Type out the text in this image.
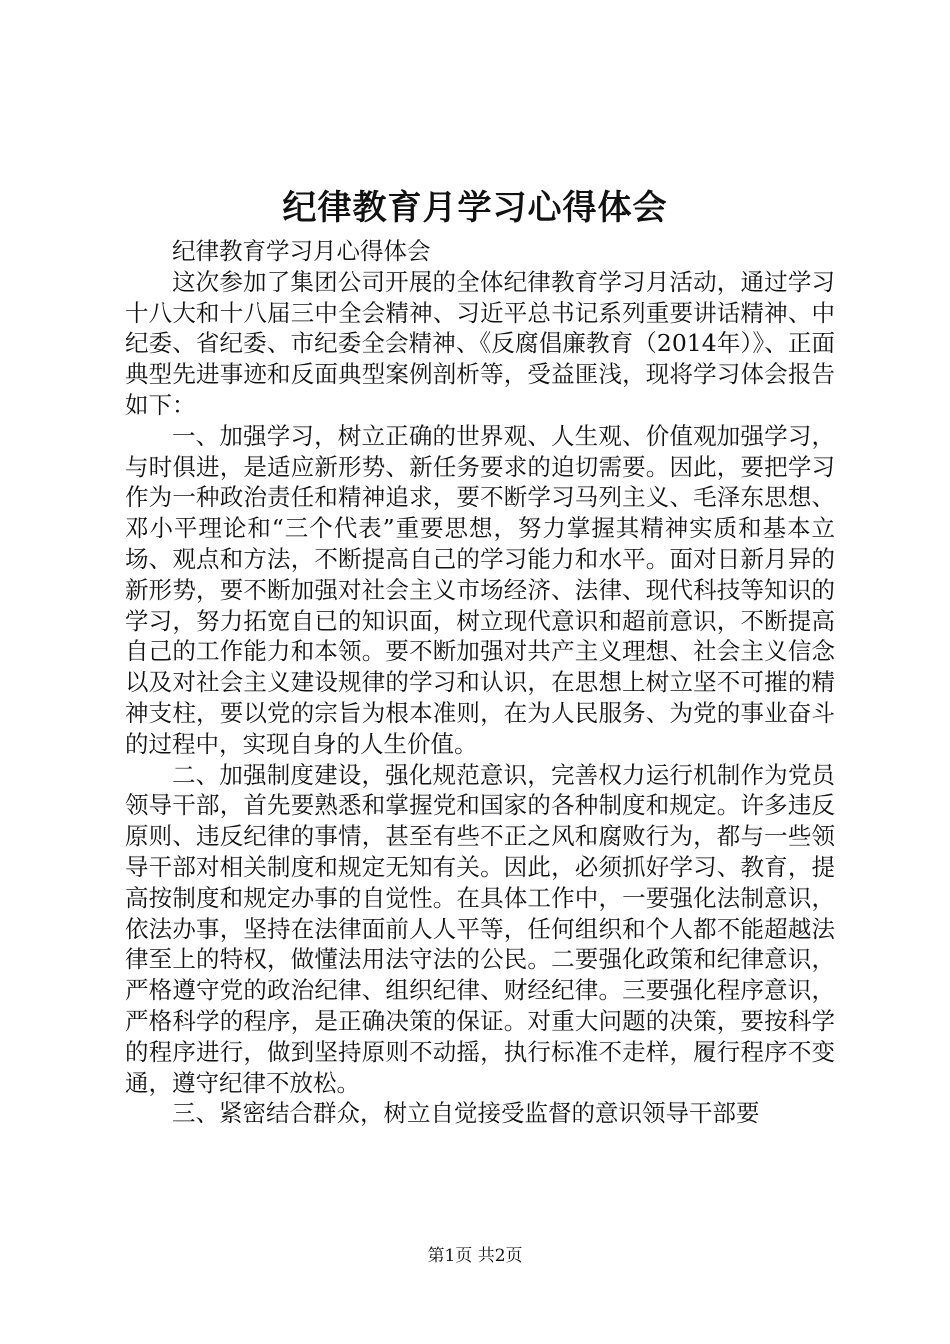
纪律教育月学习心得体会

纪律教育学习月心得体会

这次参加了集团公司开展的全体纪律教育学习月活动，通过学习十八大和十八届三中全会精神、习近平总书记系列重要讲话精神、中纪委、省纪委、市纪委全会精神、《反腐倡廉教育（2014年）》、正面典型先进事迹和反面典型案例剖析等，受益匪浅，现将学习体会报告如下：

一、加强学习，树立正确的世界观、人生观、价值观加强学习，与时俱进，是适应新形势、新任务要求的迫切需要。因此，要把学习作为一种政治责任和精神追求，要不断学习马列主义、毛泽东思想、邓小平理论和“三个代表”重要思想，努力掌握其精神实质和基本立场、观点和方法，不断提高自己的学习能力和水平。面对日新月异的新形势，要不断加强对社会主义市场经济、法律、现代科技等知识的学习，努力拓宽自已的知识面，树立现代意识和超前意识，不断提高自己的工作能力和本领。要不断加强对共产主义理想、社会主义信念以及对社会主义建设规律的学习和认识，在思想上树立坚不可摧的精神支柱，要以党的宗旨为根本准则，在为人民服务、为党的事业奋斗的过程中，实现自身的人生价值。

二、加强制度建设，强化规范意识，完善权力运行机制作为党员领导干部，首先要熟悉和掌握党和国家的各种制度和规定。许多违反原则、违反纪律的事情，甚至有些不正之风和腐败行为，都与一些领导干部对相关制度和规定无知有关。因此，必须抓好学习、教育，提高按制度和规定办事的自觉性。在具体工作中，一要强化法制意识，依法办事，坚持在法律面前人人平等，任何组织和个人都不能超越法律至上的特权，做懂法用法守法的公民。二要强化政策和纪律意识，严格遵守党的政治纪律、组织纪律、财经纪律。三要强化程序意识，严格科学的程序，是正确决策的保证。对重大问题的决策，要按科学的程序进行，做到坚持原则不动摇，执行标准不走样，履行程序不变通，遵守纪律不放松。

三、紧密结合群众，树立自觉接受监督的意识领导干部要

第1页 共2页
